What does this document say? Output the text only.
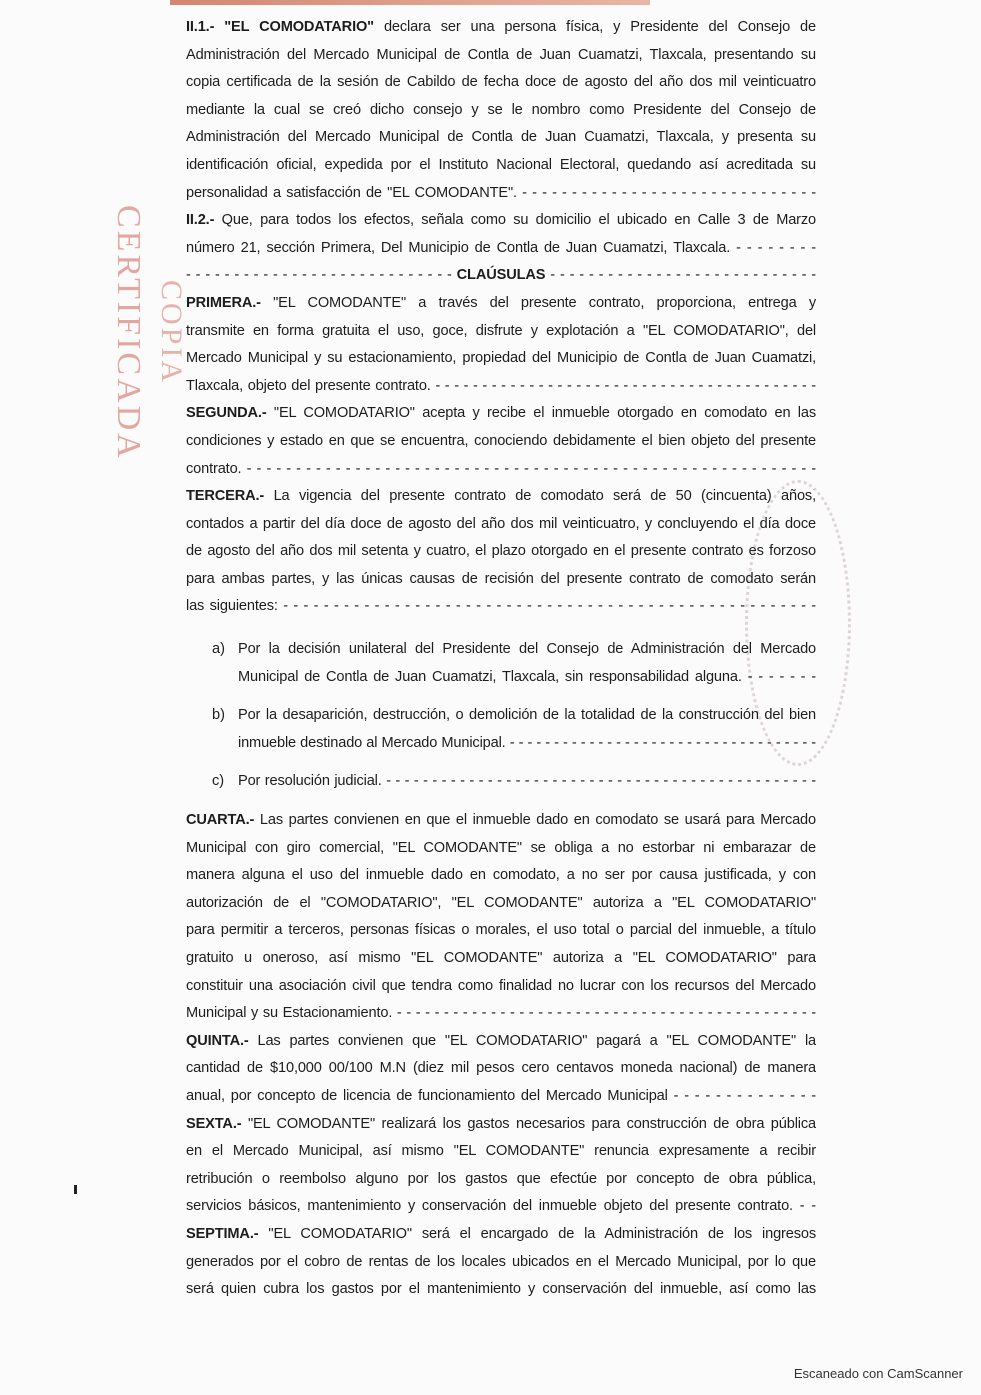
CERTIFICADA COPIA
II.1.- "EL COMODATARIO" declara ser una persona física, y Presidente del Consejo de
Administración del Mercado Municipal de Contla de Juan Cuamatzi, Tlaxcala, presentando su
copia certificada de la sesión de Cabildo de fecha doce de agosto del año dos mil veinticuatro
mediante la cual se creó dicho consejo y se le nombro como Presidente del Consejo de
Administración del Mercado Municipal de Contla de Juan Cuamatzi, Tlaxcala, y presenta su
identificación oficial, expedida por el Instituto Nacional Electoral, quedando así acreditada su
personalidad a satisfacción de "EL COMODANTE". - - - - - - - - - - - - - - - - - - - - - - - - - - - - - -
II.2.- Que, para todos los efectos, señala como su domicilio el ubicado en Calle 3 de Marzo
número 21, sección Primera, Del Municipio de Contla de Juan Cuamatzi, Tlaxcala. - - - - - - - -
- - - - - - - - - - - - - - - - - - - - - - - - - - - - CLAÚSULAS - - - - - - - - - - - - - - - - - - - - - - - - - - - -
PRIMERA.- "EL COMODANTE" a través del presente contrato, proporciona, entrega y
transmite en forma gratuita el uso, goce, disfrute y explotación a "EL COMODATARIO", del
Mercado Municipal y su estacionamiento, propiedad del Municipio de Contla de Juan Cuamatzi,
Tlaxcala, objeto del presente contrato. - - - - - - - - - - - - - - - - - - - - - - - - - - - - - - - - - - - - - - - - -
SEGUNDA.- "EL COMODATARIO" acepta y recibe el inmueble otorgado en comodato en las
condiciones y estado en que se encuentra, conociendo debidamente el bien objeto del presente
contrato. - - - - - - - - - - - - - - - - - - - - - - - - - - - - - - - - - - - - - - - - - - - - - - - - - - - - - - - - - -
TERCERA.- La vigencia del presente contrato de comodato será de 50 (cincuenta) años,
contados a partir del día doce de agosto del año dos mil veinticuatro, y concluyendo el día doce
de agosto del año dos mil setenta y cuatro, el plazo otorgado en el presente contrato es forzoso
para ambas partes, y las únicas causas de recisión del presente contrato de comodato serán
las siguientes: - - - - - - - - - - - - - - - - - - - - - - - - - - - - - - - - - - - - - - - - - - - - - - - - - - - - -
a) Por la decisión unilateral del Presidente del Consejo de Administración del Mercado
Municipal de Contla de Juan Cuamatzi, Tlaxcala, sin responsabilidad alguna. - - - - - - -
b) Por la desaparición, destrucción, o demolición de la totalidad de la construcción del bien
inmueble destinado al Mercado Municipal. - - - - - - - - - - - - - - - - - - - - - - - - - - - - - - - - - - -
c) Por resolución judicial. - - - - - - - - - - - - - - - - - - - - - - - - - - - - - - - - - - - - - - - - - - - - - - -
CUARTA.- Las partes convienen en que el inmueble dado en comodato se usará para Mercado
Municipal con giro comercial, "EL COMODANTE" se obliga a no estorbar ni embarazar de
manera alguna el uso del inmueble dado en comodato, a no ser por causa justificada, y con
autorización de el "COMODATARIO", "EL COMODANTE" autoriza a "EL COMODATARIO"
para permitir a terceros, personas físicas o morales, el uso total o parcial del inmueble, a título
gratuito u oneroso, así mismo "EL COMODANTE" autoriza a "EL COMODATARIO" para
constituir una asociación civil que tendra como finalidad no lucrar con los recursos del Mercado
Municipal y su Estacionamiento. - - - - - - - - - - - - - - - - - - - - - - - - - - - - - - - - - - - - - - - - - - - - -
QUINTA.- Las partes convienen que "EL COMODATARIO" pagará a "EL COMODANTE" la
cantidad de $10,000 00/100 M.N (diez mil pesos cero centavos moneda nacional) de manera
anual, por concepto de licencia de funcionamiento del Mercado Municipal - - - - - - - - - - - - - -
SEXTA.- "EL COMODANTE" realizará los gastos necesarios para construcción de obra pública
en el Mercado Municipal, así mismo "EL COMODANTE" renuncia expresamente a recibir
retribución o reembolso alguno por los gastos que efectúe por concepto de obra pública,
servicios básicos, mantenimiento y conservación del inmueble objeto del presente contrato. - -
SEPTIMA.- "EL COMODATARIO" será el encargado de la Administración de los ingresos
generados por el cobro de rentas de los locales ubicados en el Mercado Municipal, por lo que
será quien cubra los gastos por el mantenimiento y conservación del inmueble, así como las
Escaneado con CamScanner
